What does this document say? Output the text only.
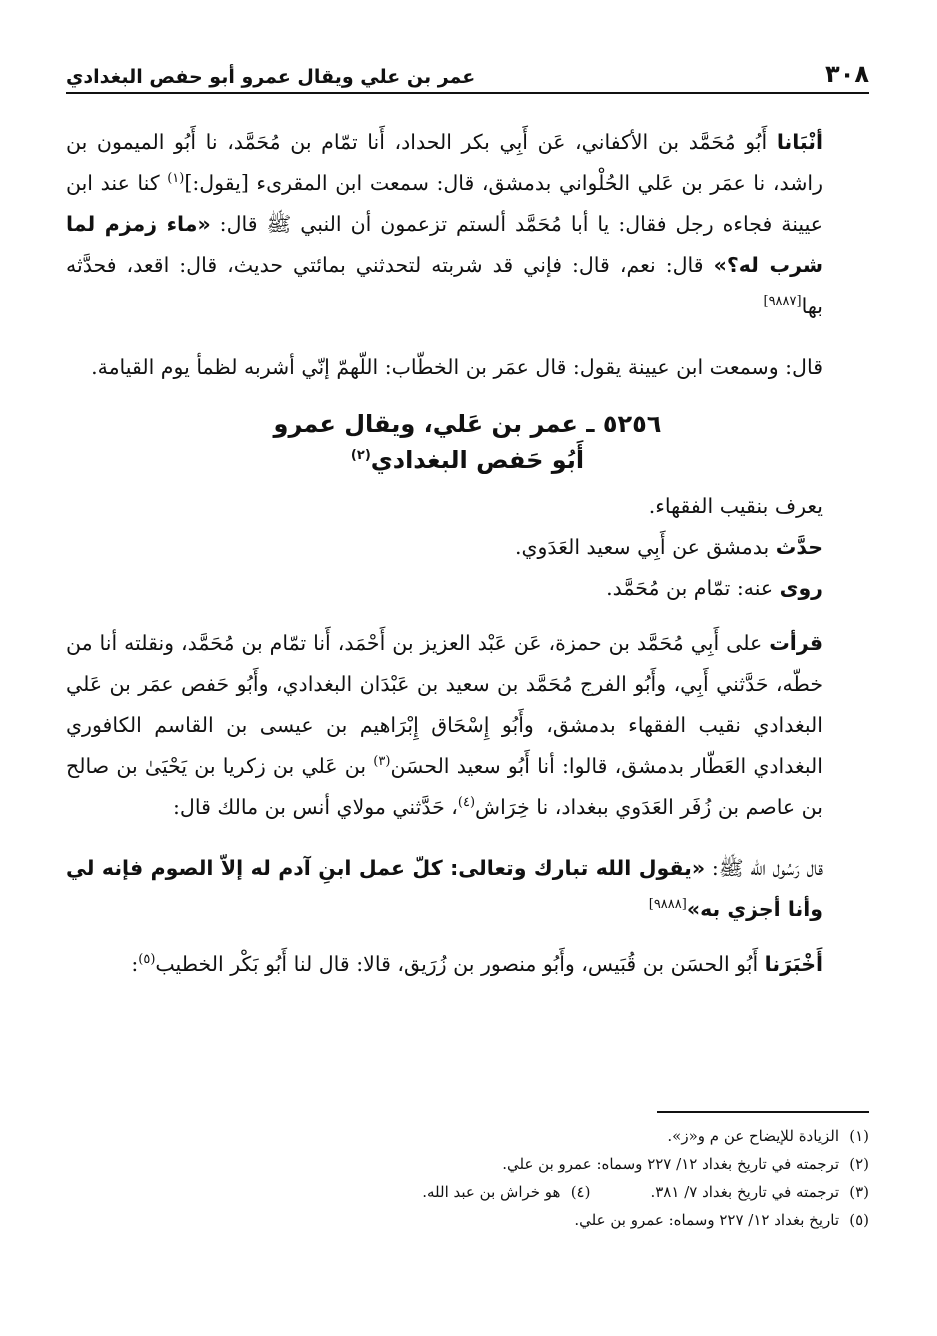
٣٠٨
عمر بن علي ويقال عمرو أبو حفص البغدادي

أنْبَانا أَبُو مُحَمَّد بن الأكفاني، عَن أَبِي بكر الحداد، أَنا تمّام بن مُحَمَّد، نا أَبُو الميمون بن راشد، نا عمَر بن عَلي الحُلْواني بدمشق، قال: سمعت ابن المقرىء [يقول:]$^{(١)}$ كنا عند ابن عيينة فجاءه رجل فقال: يا أبا مُحَمَّد ألستم تزعمون أن النبي ﷺ قال: «ماء زمزم لما شرب له؟» قال: نعم، قال: فإني قد شربته لتحدثني بمائتي حديث، قال: اقعد، فحدَّثه بها[٩٨٨٧]

قال: وسمعت ابن عيينة يقول: قال عمَر بن الخطّاب: اللّهمّ إنّي أشربه لظمأ يوم القيامة.

٥٢٥٦ ـ عمر بن عَلي، ويقال عمرو
أَبُو حَفص البغدادي$^{(٢)}$

يعرف بنقيب الفقهاء.

حدَّث بدمشق عن أَبِي سعيد العَدَوي.

روى عنه: تمّام بن مُحَمَّد.

قرأت على أَبِي مُحَمَّد بن حمزة، عَن عَبْد العزيز بن أَحْمَد، أَنا تمّام بن مُحَمَّد، ونقلته أنا من خطّه، حَدَّثني أَبِي، وأَبُو الفرج مُحَمَّد بن سعيد بن عَبْدَان البغدادي، وأَبُو حَفص عمَر بن عَلي البغدادي نقيب الفقهاء بدمشق، وأَبُو إِسْحَاق إِبْرَاهيم بن عيسى بن القاسم الكافوري البغدادي العَطّار بدمشق، قالوا: أنا أَبُو سعيد الحسَن$^{(٣)}$ بن عَلي بن زكريا بن يَحْيَىٰ بن صالح بن عاصم بن زُفَر العَدَوي ببغداد، نا خِرَاش$^{(٤)}$، حَدَّثني مولاي أنس بن مالك قال:

قال رَسُول الله ﷺ: «يقول الله تبارك وتعالى: كلّ عمل ابنِ آدم له إلاّ الصوم فإنه لي وأنا أجزي به»[٩٨٨٨]

أَخْبَرَنا أَبُو الحسَن بن قُبَيس، وأَبُو منصور بن زُرَيق، قالا: قال لنا أَبُو بَكْر الخطيب$^{(٥)}$:

(١)
الزيادة للإيضاح عن م و«ز».
(٢)
ترجمته في تاريخ بغداد ١٢/ ٢٢٧ وسماه: عمرو بن علي.
(٣)
ترجمته في تاريخ بغداد ٧/ ٣٨١.
(٤)
هو خراش بن عبد الله.
(٥)
تاريخ بغداد ١٢/ ٢٢٧ وسماه: عمرو بن علي.
